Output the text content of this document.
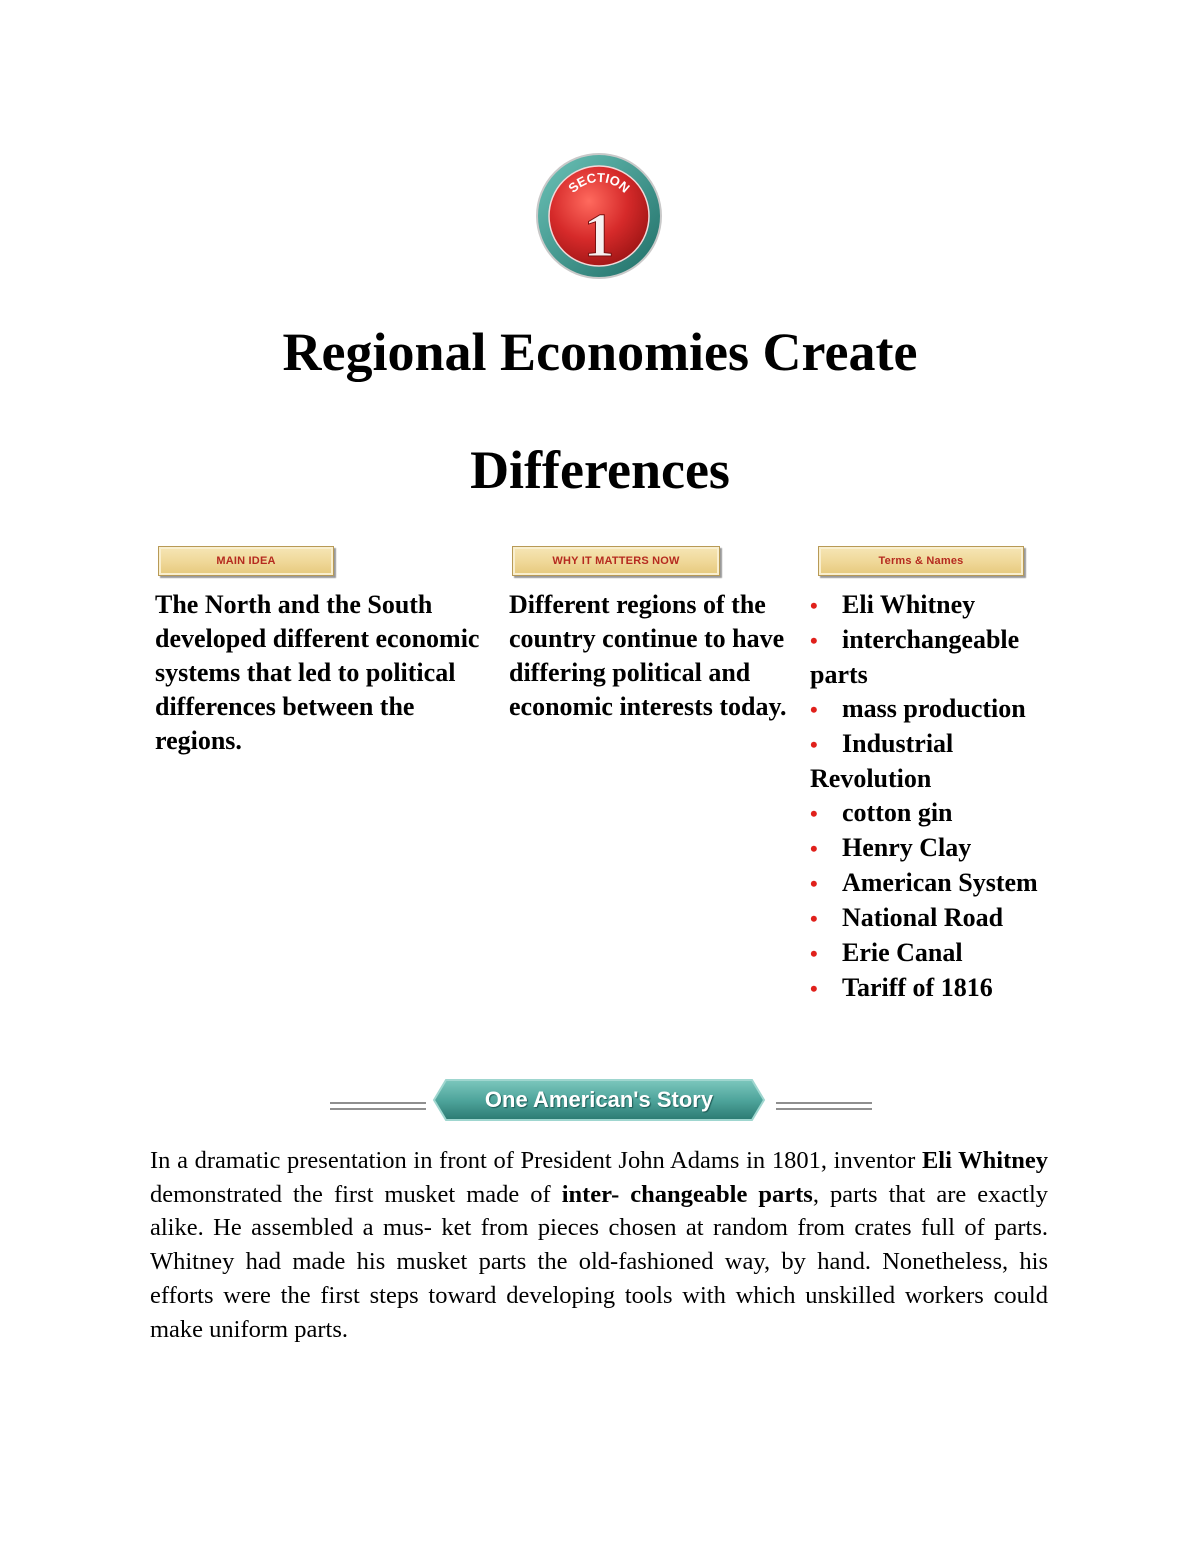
SECTION
1
Regional Economies Create
Differences
MAIN IDEA	WHY IT MATTERS NOW	Terms & Names
The North and the South developed different economic systems that led to political differences between the regions.
Different regions of the country continue to have differing political and economic interests today.
• Eli Whitney
• interchangeable parts
• mass production
• Industrial Revolution
• cotton gin
• Henry Clay
• American System
• National Road
• Erie Canal
• Tariff of 1816
One American's Story

In a dramatic presentation in front of President John Adams in 1801, inventor Eli Whitney demonstrated the first musket made of inter- changeable parts, parts that are exactly alike. He assembled a mus- ket from pieces chosen at random from crates full of parts. Whitney had made his musket parts the old-fashioned way, by hand. Nonetheless, his efforts were the first steps toward developing tools with which unskilled workers could make uniform parts.
